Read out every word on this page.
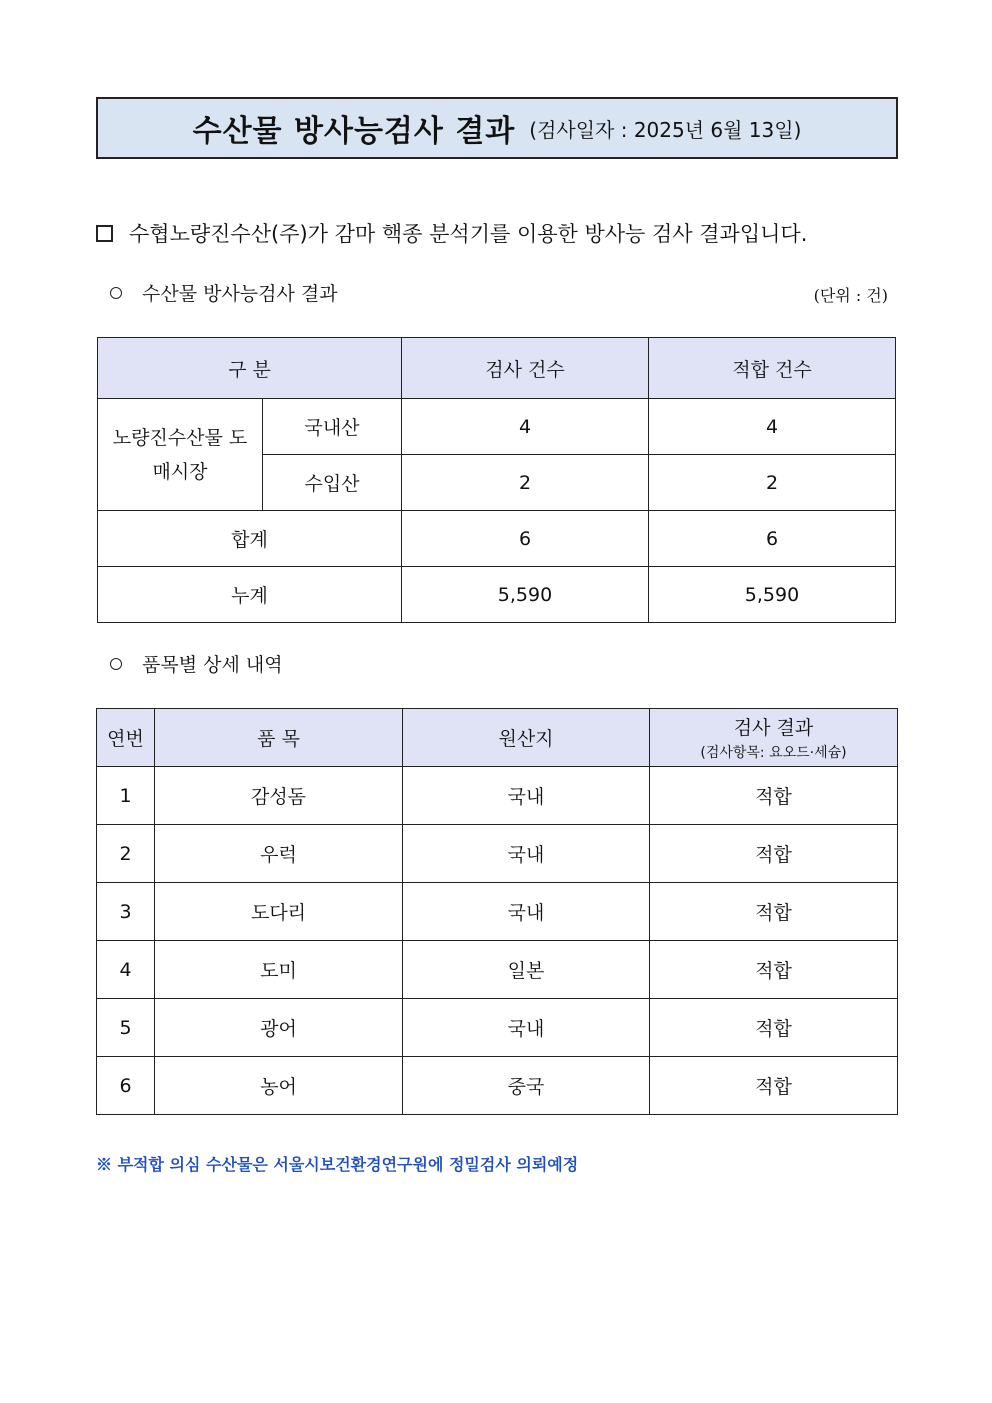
수산물 방사능검사 결과 (검사일자 : 2025년 6월 13일)
수협노량진수산(주)가 감마 핵종 분석기를 이용한 방사능 검사 결과입니다.
수산물 방사능검사 결과	(단위 : 건)
구 분		검사 건수	적합 건수
노량진수산물 도매시장	국내산	4	4
	수입산	2	2
합계		6	6
누계		5,590	5,590
품목별 상세 내역
연번	품 목	원산지	검사 결과
(검사항목: 요오드·세슘)

1	감성돔	국내	적합
2	우럭	국내	적합
3	도다리	국내	적합
4	도미	일본	적합
5	광어	국내	적합
6	농어	중국	적합
※ 부적합 의심 수산물은 서울시보건환경연구원에 정밀검사 의뢰예정
